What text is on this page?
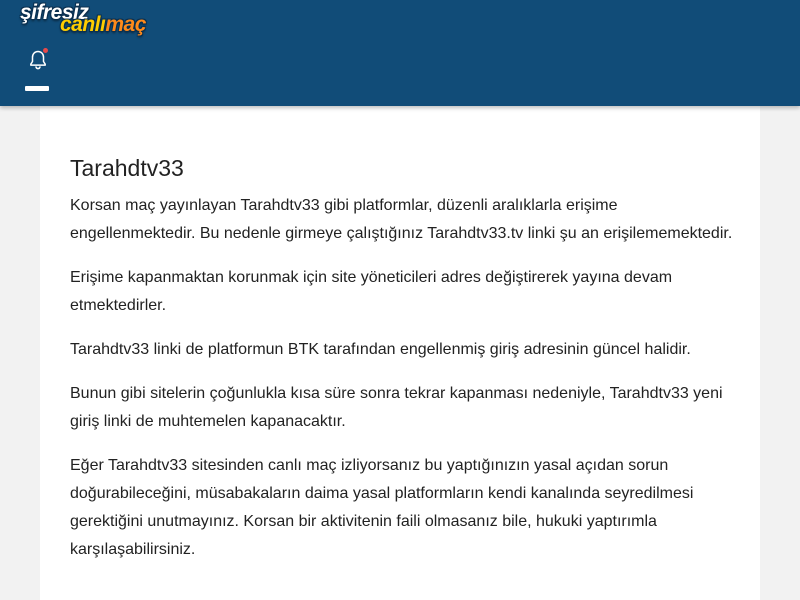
şifresiz
canlımaç
Tarahdtv33

Korsan maç yayınlayan Tarahdtv33 gibi platformlar, düzenli aralıklarla erişime engellenmektedir. Bu nedenle girmeye çalıştığınız Tarahdtv33.tv linki şu an erişilememektedir.

Erişime kapanmaktan korunmak için site yöneticileri adres değiştirerek yayına devam etmektedirler.

Tarahdtv33 linki de platformun BTK tarafından engellenmiş giriş adresinin güncel halidir.

Bunun gibi sitelerin çoğunlukla kısa süre sonra tekrar kapanması nedeniyle, Tarahdtv33 yeni giriş linki de muhtemelen kapanacaktır.

Eğer Tarahdtv33 sitesinden canlı maç izliyorsanız bu yaptığınızın yasal açıdan sorun doğurabileceğini, müsabakaların daima yasal platformların kendi kanalında seyredilmesi gerektiğini unutmayınız. Korsan bir aktivitenin faili olmasanız bile, hukuki yaptırımla karşılaşabilirsiniz.
